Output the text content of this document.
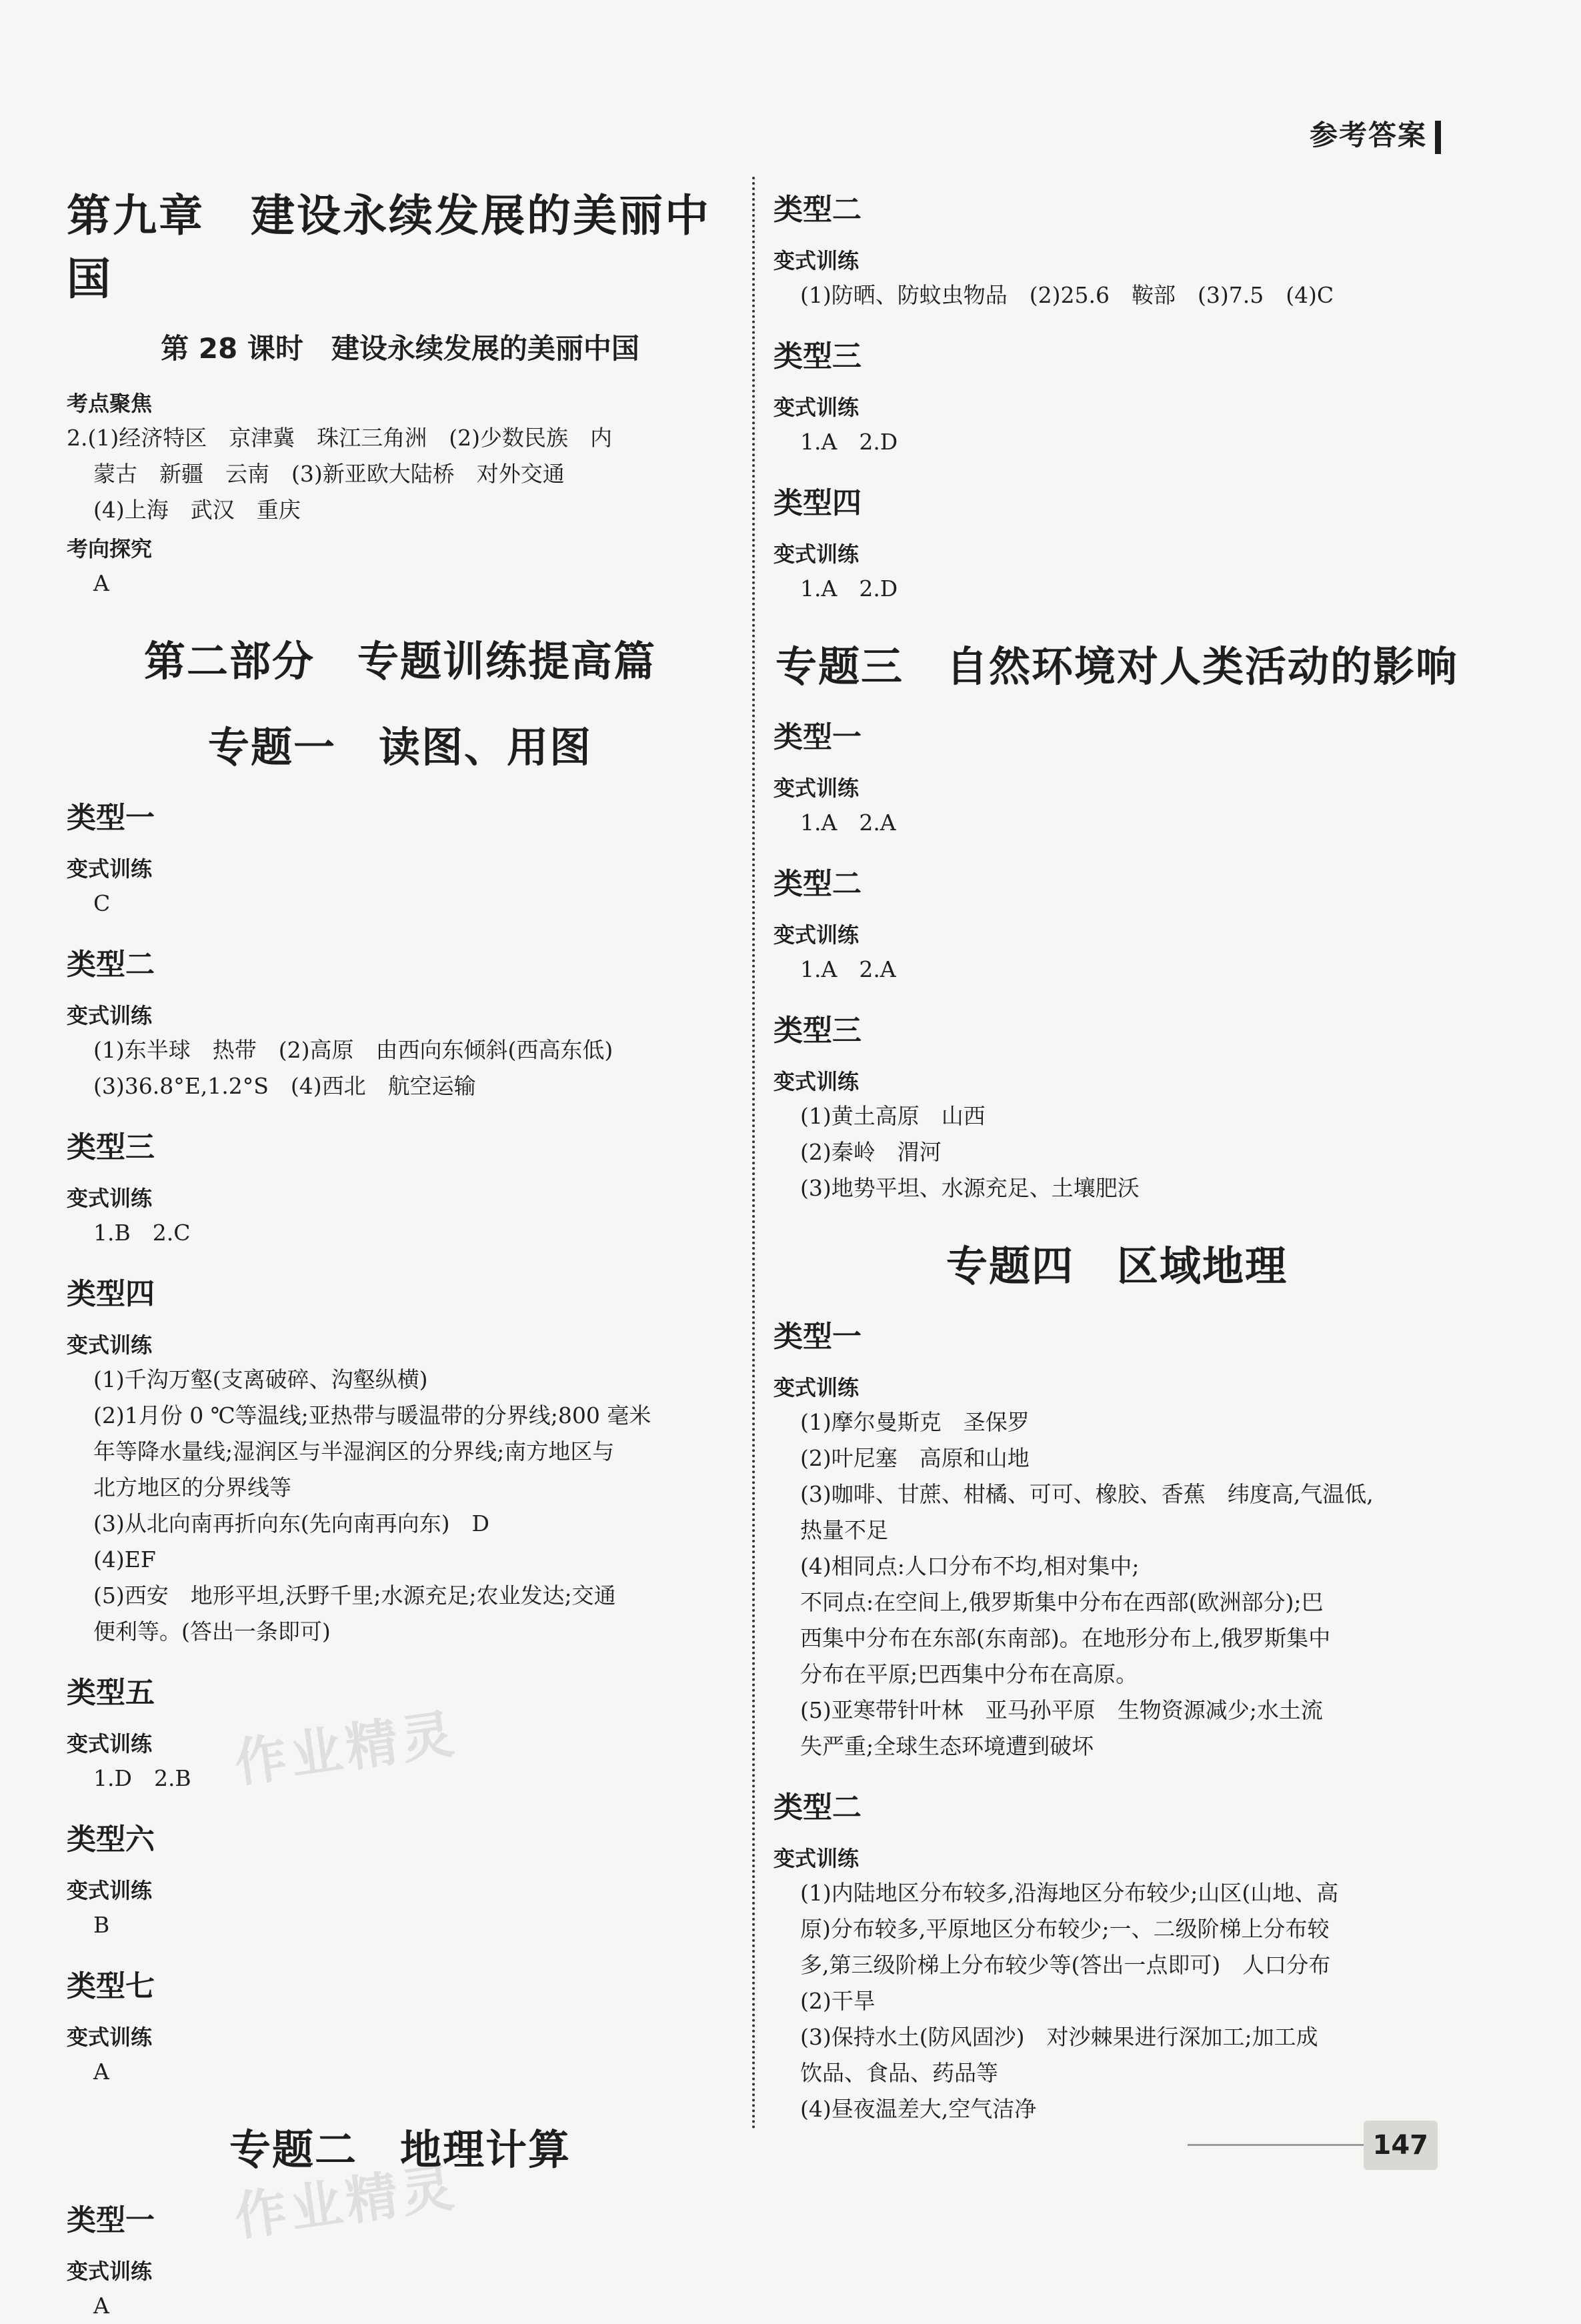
参考答案
作业精灵
作业精灵
第九章　建设永续发展的美丽中国
第 28 课时　建设永续发展的美丽中国
考点聚焦

2.(1)经济特区　京津冀　珠江三角洲　(2)少数民族　内

蒙古　新疆　云南　(3)新亚欧大陆桥　对外交通

(4)上海　武汉　重庆

考向探究

A

第二部分　专题训练提高篇
专题一　读图、用图
类型一
变式训练

C

类型二
变式训练

(1)东半球　热带　(2)高原　由西向东倾斜(西高东低)

(3)36.8°E,1.2°S　(4)西北　航空运输

类型三
变式训练

1.B　2.C

类型四
变式训练

(1)千沟万壑(支离破碎、沟壑纵横)

(2)1月份 0 ℃等温线;亚热带与暖温带的分界线;800 毫米

年等降水量线;湿润区与半湿润区的分界线;南方地区与

北方地区的分界线等

(3)从北向南再折向东(先向南再向东)　D

(4)EF

(5)西安　地形平坦,沃野千里;水源充足;农业发达;交通

便利等。(答出一条即可)

类型五
变式训练

1.D　2.B

类型六
变式训练

B

类型七
变式训练

A

专题二　地理计算
类型一
变式训练

A

类型二
变式训练

(1)防晒、防蚊虫物品　(2)25.6　鞍部　(3)7.5　(4)C

类型三
变式训练

1.A　2.D

类型四
变式训练

1.A　2.D

专题三　自然环境对人类活动的影响
类型一
变式训练

1.A　2.A

类型二
变式训练

1.A　2.A

类型三
变式训练

(1)黄土高原　山西

(2)秦岭　渭河

(3)地势平坦、水源充足、土壤肥沃

专题四　区域地理
类型一
变式训练

(1)摩尔曼斯克　圣保罗

(2)叶尼塞　高原和山地

(3)咖啡、甘蔗、柑橘、可可、橡胶、香蕉　纬度高,气温低,

热量不足

(4)相同点:人口分布不均,相对集中;

不同点:在空间上,俄罗斯集中分布在西部(欧洲部分);巴

西集中分布在东部(东南部)。在地形分布上,俄罗斯集中

分布在平原;巴西集中分布在高原。

(5)亚寒带针叶林　亚马孙平原　生物资源减少;水土流

失严重;全球生态环境遭到破坏

类型二
变式训练

(1)内陆地区分布较多,沿海地区分布较少;山区(山地、高

原)分布较多,平原地区分布较少;一、二级阶梯上分布较

多,第三级阶梯上分布较少等(答出一点即可)　人口分布

(2)干旱

(3)保持水土(防风固沙)　对沙棘果进行深加工;加工成

饮品、食品、药品等

(4)昼夜温差大,空气洁净

147
